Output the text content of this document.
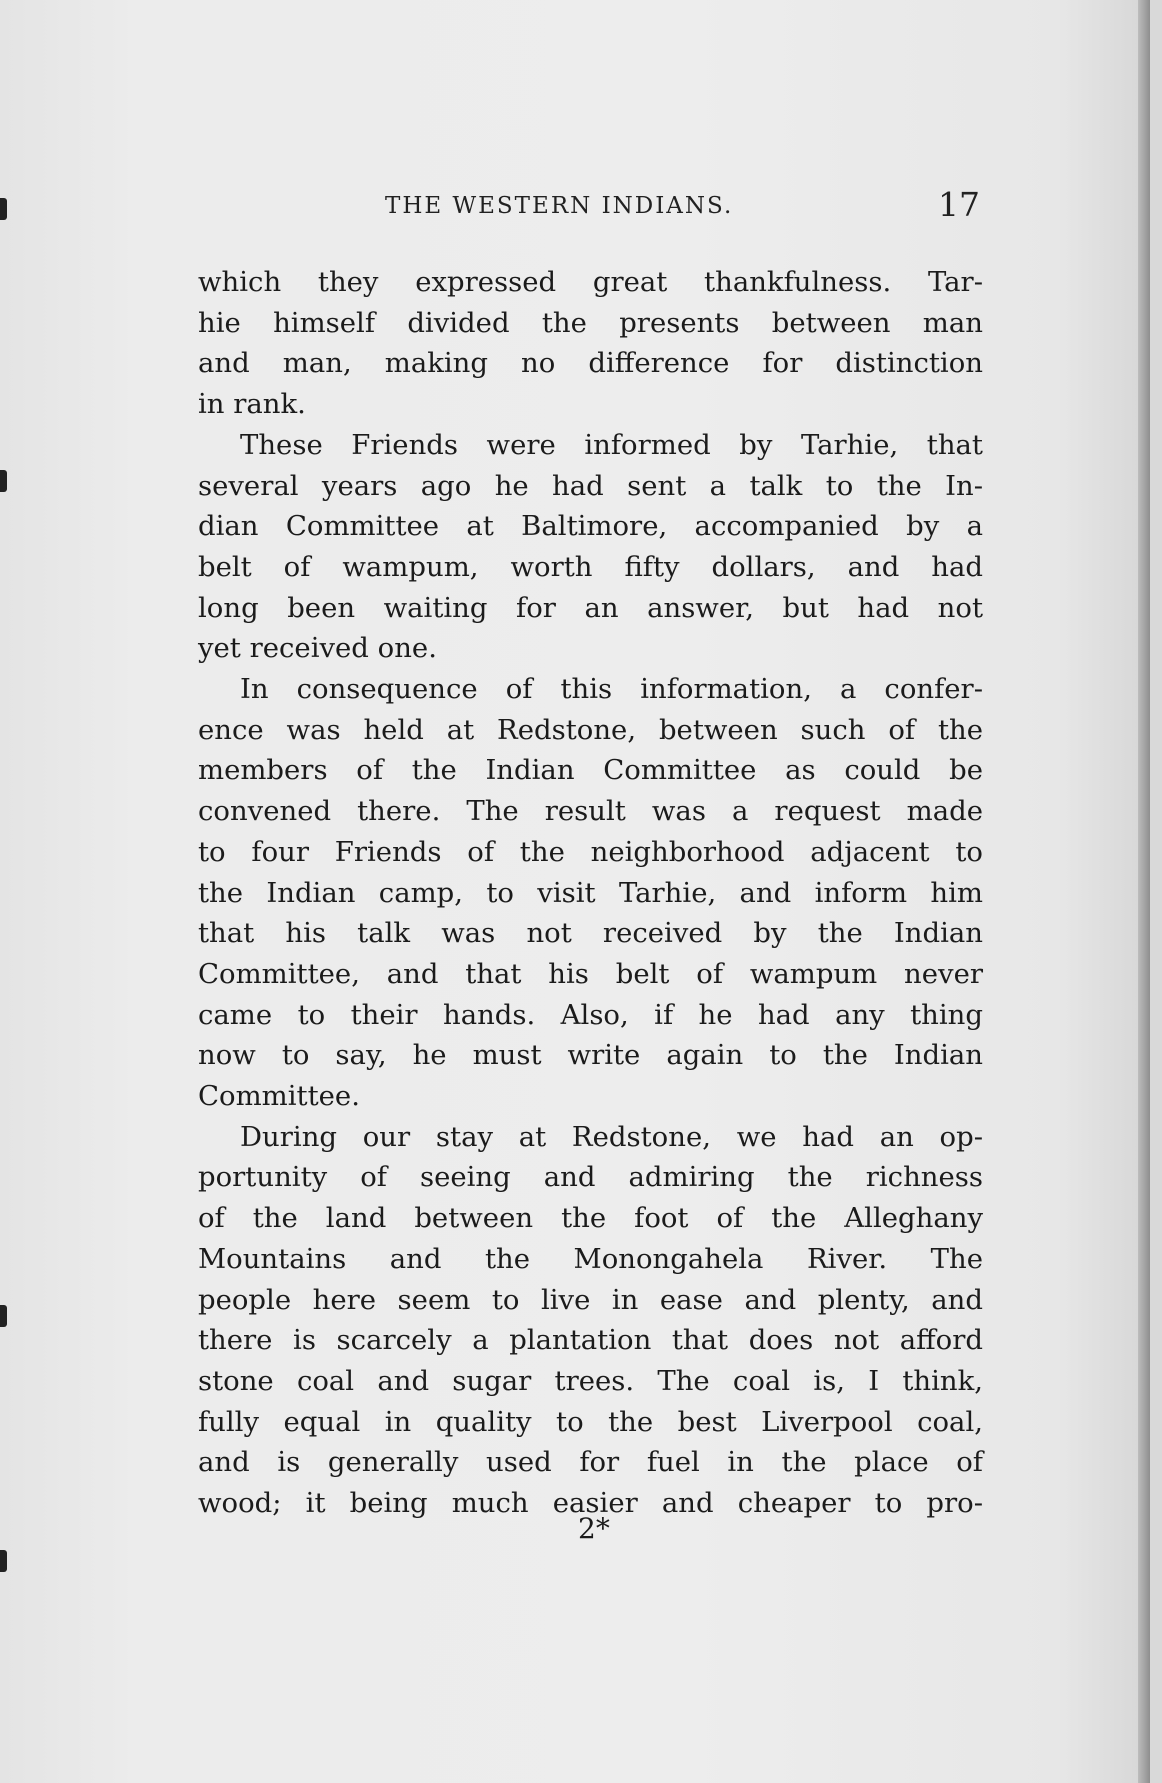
THE WESTERN INDIANS.	17

which they expressed great thankfulness. Tar-

hie himself divided the presents between man

and man, making no difference for distinction

in rank.

These Friends were informed by Tarhie, that

several years ago he had sent a talk to the In-

dian Committee at Baltimore, accompanied by a

belt of wampum, worth fifty dollars, and had

long been waiting for an answer, but had not

yet received one.

In consequence of this information, a confer-

ence was held at Redstone, between such of the

members of the Indian Committee as could be

convened there. The result was a request made

to four Friends of the neighborhood adjacent to

the Indian camp, to visit Tarhie, and inform him

that his talk was not received by the Indian

Committee, and that his belt of wampum never

came to their hands. Also, if he had any thing

now to say, he must write again to the Indian

Committee.

During our stay at Redstone, we had an op-

portunity of seeing and admiring the richness

of the land between the foot of the Alleghany

Mountains and the Monongahela River. The

people here seem to live in ease and plenty, and

there is scarcely a plantation that does not afford

stone coal and sugar trees. The coal is, I think,

fully equal in quality to the best Liverpool coal,

and is generally used for fuel in the place of

wood; it being much easier and cheaper to pro-

2*
